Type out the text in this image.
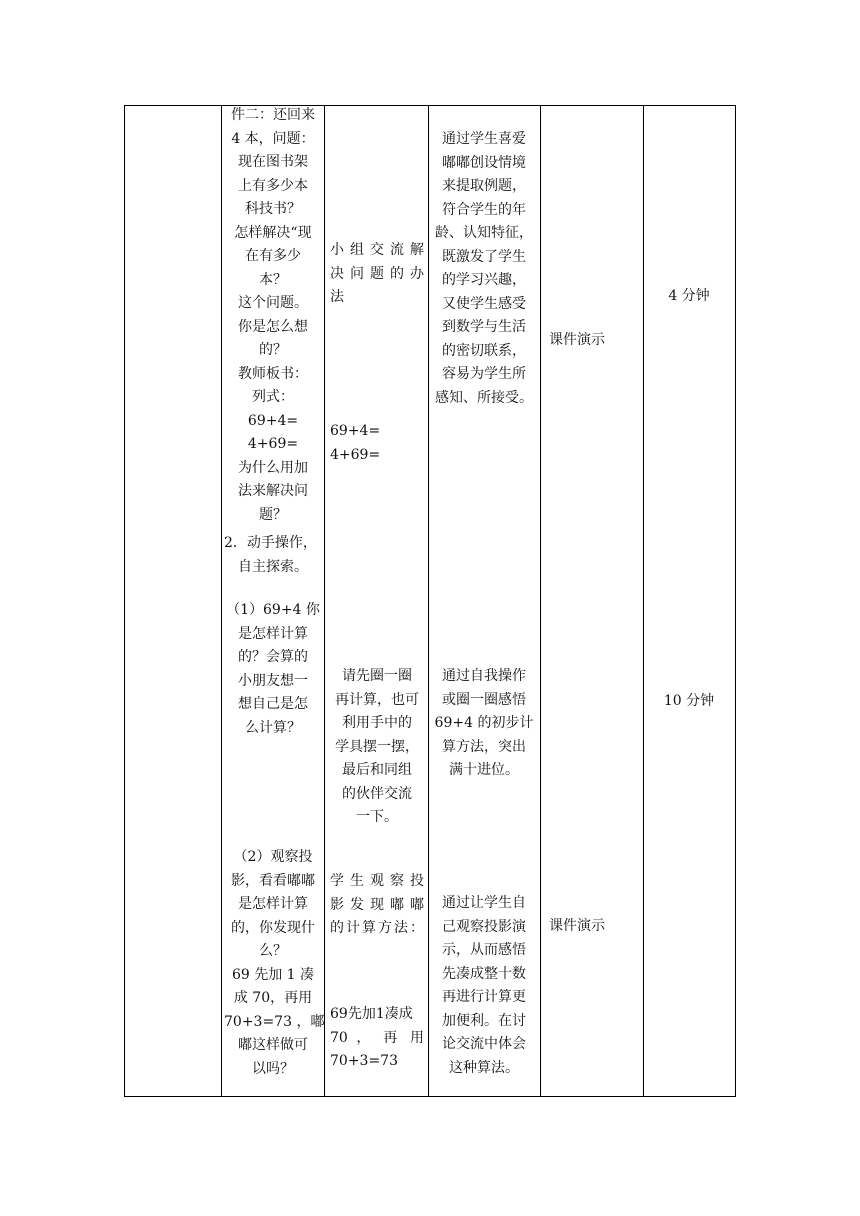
件二：还回来
4 本，问题：
现在图书架
上有多少本
科技书？
怎样解决“现
在有多少
本？
这个问题。
你是怎么想
的？
教师板书：
列式：
69+4=
4+69=
为什么用加
法来解决问
题？
2．动手操作，
自主探索。
（1）69+4 你
是怎样计算
的？会算的
小朋友想一
想自己是怎
么计算？
（2）观察投
影，看看嘟嘟
是怎样计算
的，你发现什
么？
69 先加 1 凑
成 70，再用
70+3=73 ，嘟
嘟这样做可
以吗？
小组交流解
决问题的办
法
69+4=
4+69=
请先圈一圈
再计算，也可
利用手中的
学具摆一摆，
最后和同组
的伙伴交流
一下。
学生观察投
影发现嘟嘟
的计算方法：
69先加1凑成
70 ， 再 用
70+3=73
通过学生喜爱
嘟嘟创设情境
来提取例题，
符合学生的年
龄、认知特征，
既激发了学生
的学习兴趣，
又使学生感受
到数学与生活
的密切联系，
容易为学生所
感知、所接受。
通过自我操作
或圈一圈感悟
69+4 的初步计
算方法，突出
满十进位。
通过让学生自
己观察投影演
示，从而感悟
先凑成整十数
再进行计算更
加便利。在讨
论交流中体会
这种算法。
课件演示
课件演示
4 分钟
10 分钟
